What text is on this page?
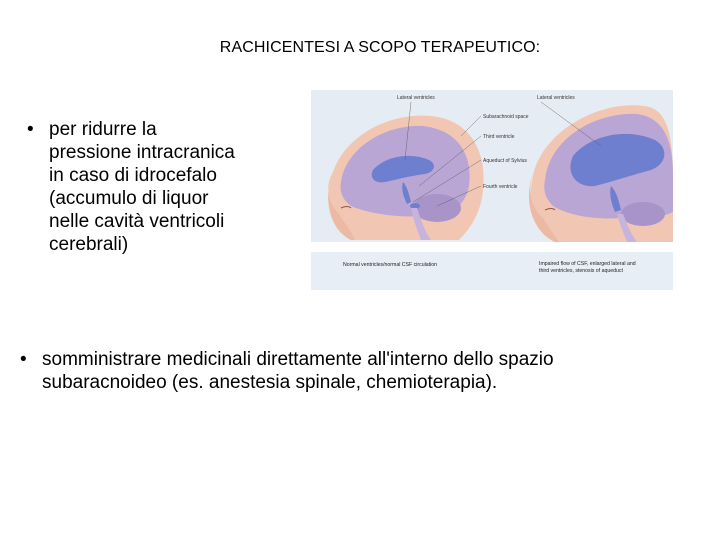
RACHICENTESI A SCOPO TERAPEUTICO:
• per ridurre la
pressione intracranica
in caso di idrocefalo
(accumulo di liquor
nelle cavità ventricoli
cerebrali)
Lateral ventricles
Subarachnoid space
Third ventricle
Aqueduct of Sylvius
Fourth ventricle
Lateral ventricles
Normal ventricles/normal CSF circulation	Impaired flow of CSF, enlarged lateral and
third ventricles, stenosis of aqueduct
• somministrare medicinali direttamente all'interno dello spazio
subaracnoideo (es. anestesia spinale, chemioterapia).
